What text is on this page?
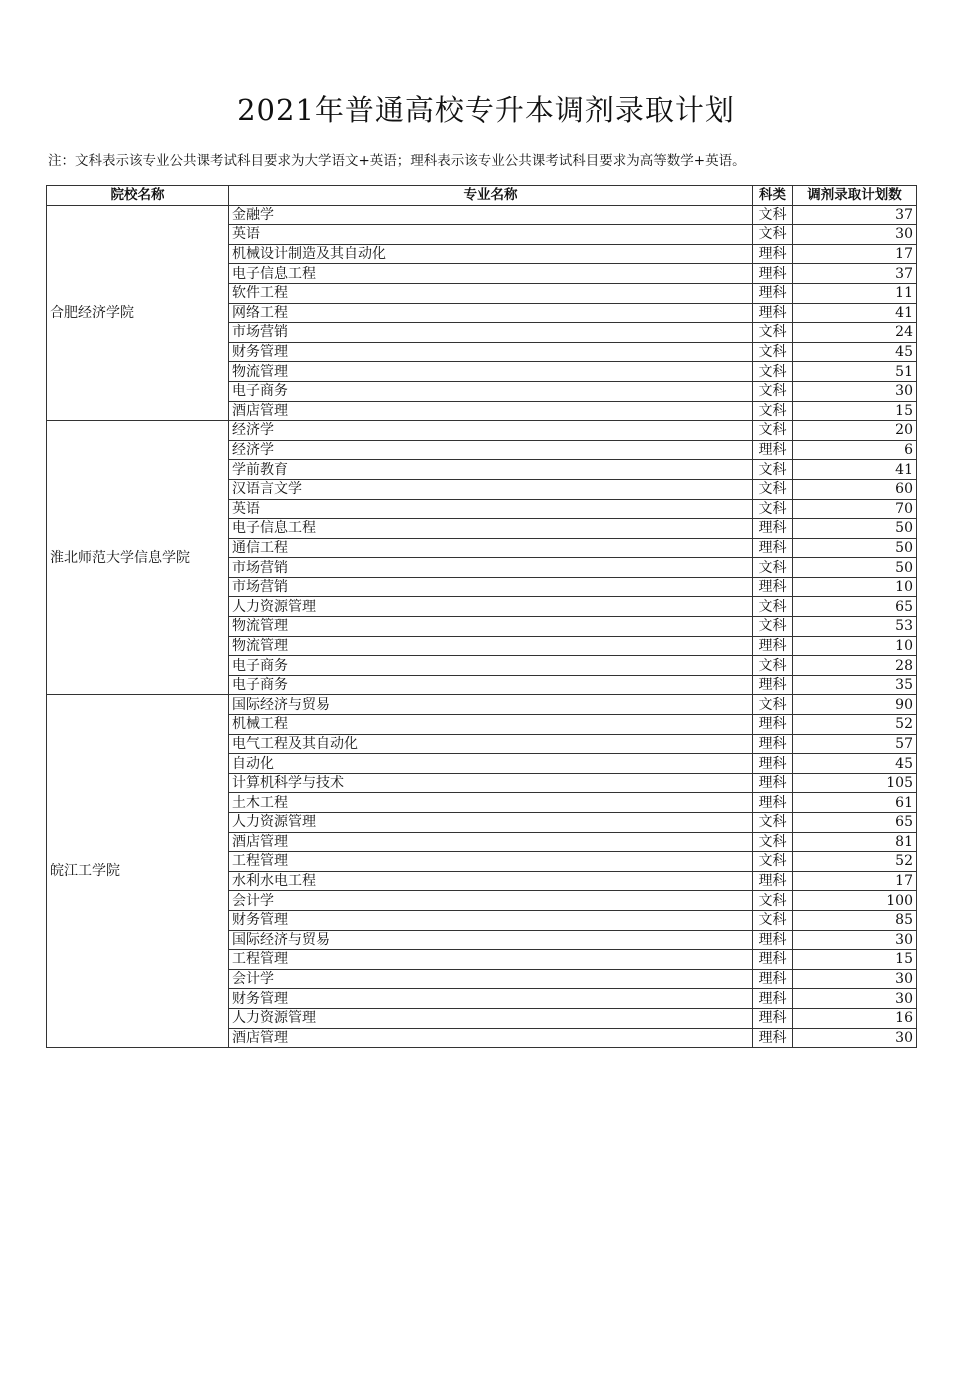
2021年普通高校专升本调剂录取计划
注：文科表示该专业公共课考试科目要求为大学语文+英语；理科表示该专业公共课考试科目要求为高等数学+英语。
院校名称	专业名称	科类	调剂录取计划数
合肥经济学院	金融学	文科	37
	英语	文科	30
	机械设计制造及其自动化	理科	17
	电子信息工程	理科	37
	软件工程	理科	11
	网络工程	理科	41
	市场营销	文科	24
	财务管理	文科	45
	物流管理	文科	51
	电子商务	文科	30
	酒店管理	文科	15
淮北师范大学信息学院	经济学	文科	20
	经济学	理科	6
	学前教育	文科	41
	汉语言文学	文科	60
	英语	文科	70
	电子信息工程	理科	50
	通信工程	理科	50
	市场营销	文科	50
	市场营销	理科	10
	人力资源管理	文科	65
	物流管理	文科	53
	物流管理	理科	10
	电子商务	文科	28
	电子商务	理科	35
皖江工学院	国际经济与贸易	文科	90
	机械工程	理科	52
	电气工程及其自动化	理科	57
	自动化	理科	45
	计算机科学与技术	理科	105
	土木工程	理科	61
	人力资源管理	文科	65
	酒店管理	文科	81
	工程管理	文科	52
	水利水电工程	理科	17
	会计学	文科	100
	财务管理	文科	85
	国际经济与贸易	理科	30
	工程管理	理科	15
	会计学	理科	30
	财务管理	理科	30
	人力资源管理	理科	16
	酒店管理	理科	30
